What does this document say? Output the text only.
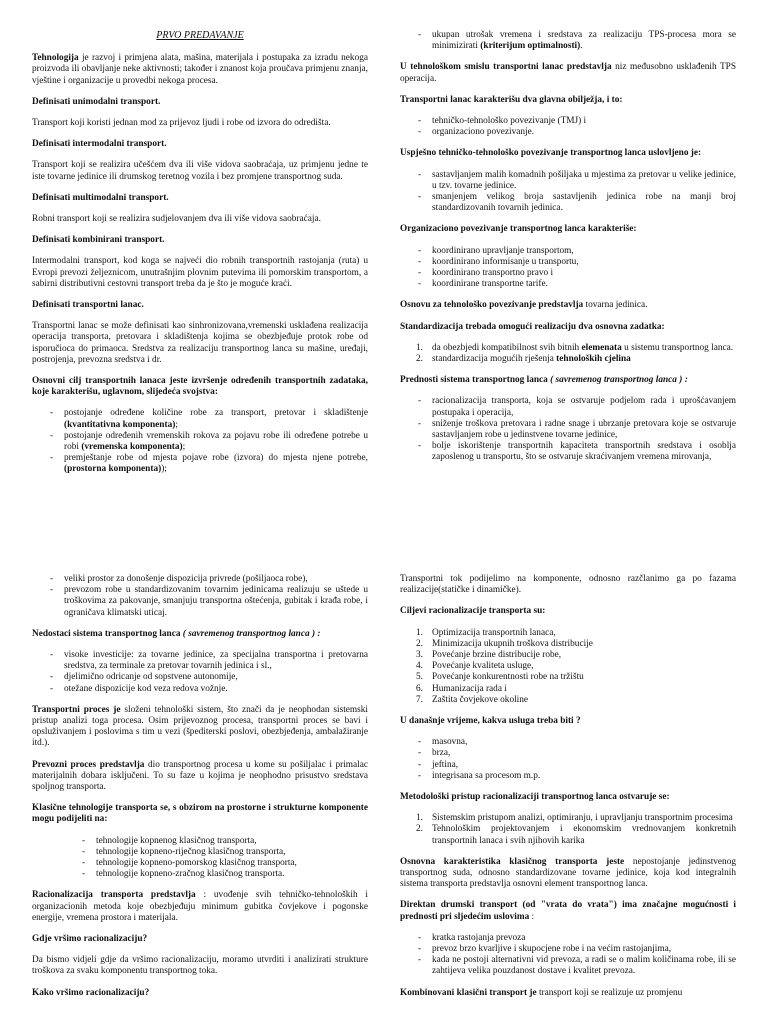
PRVO PREDAVANJE

Tehnologija je razvoj i primjena alata, mašina, materijala i postupaka za izradu nekoga proizvoda ili obavljanje neke aktivnosti; također i znanost koja proučava primjenu znanja, vještine i organizacije u provedbi nekoga procesa.

Definisati unimodalni transport.

Transport koji koristi jednan mod za prijevoz ljudi i robe od izvora do odredišta.

Definisati intermodalni transport.

Transport koji se realizira učešćem dva ili više vidova saobraćaja, uz primjenu jedne te iste tovarne jedinice ili drumskog teretnog vozila i bez promjene transportnog suda.

Definisati multimodalni transport.

Robni transport koji se realizira sudjelovanjem dva ili više vidova saobraćaja.

Definisati kombinirani transport.

Intermodalni transport, kod koga se najveći dio robnih transportnih rastojanja (ruta) u Evropi prevozi željeznicom, unutrašnjim plovnim putevima ili pomorskim transportom, a sabirni distributivni cestovni transport treba da je što je moguće kraći.

Definisati transportni lanac.

Transportni lanac se može definisati kao sinhronizovana,vremenski usklađena realizacija operacija transporta, pretovara i skladištenja kojima se obezbjeđuje protok robe od isporučioca do primaoca. Sredstva za realizaciju transportnog lanca su mašine, uređaji, postrojenja, prevozna sredstva i dr.

Osnovni cilj transportnih lanaca jeste izvršenje određenih transportnih zadataka, koje karakterišu, uglavnom, slijedeća svojstva:

- postojanje određene količine robe za transport, pretovar i skladištenje (kvantitativna komponenta);
- postojanje određenih vremenskih rokova za pojavu robe ili određene potrebe u robi (vremenska komponenta);
- premještanje robe od mjesta pojave robe (izvora) do mjesta njene potrebe, (prostorna komponenta));
- ukupan utrošak vremena i sredstava za realizaciju TPS-procesa mora se minimizirati (kriterijum optimalnosti).

U tehnološkom smislu transportni lanac predstavlja niz međusobno usklađenih TPS operacija.

Transportni lanac karakterišu dva glavna obilježja, i to:

- tehničko-tehnološko povezivanje (TMJ) i
- organizaciono povezivanje.

Uspješno tehničko-tehnološko povezivanje transportnog lanca uslovljeno je:

- sastavljanjem malih komadnih pošiljaka u mjestima za pretovar u velike jedinice, u tzv. tovarne jedinice.
- smanjenjem velikog broja sastavljenih jedinica robe na manji broj standardizovanih tovarnih jedinica.

Organizaciono povezivanje transportnog lanca karakteriše:

- koordinirano upravljanje transportom,
- koordinirano informisanje u transportu,
- koordinirano transportno pravo i
- koordinirane transportne tarife.

Osnovu za tehnološko povezivanje predstavlja tovarna jedinica.

Standardizacija trebada omogući realizaciju dva osnovna zadatka:

1. da obezbjedi kompatibilnost svih bitnih elemenata u sistemu transportnog lanca.
2. standardizacija mogućih rješenja tehnoloških cjelina

Prednosti sistema transportnog lanca ( savremenog transportnog lanca ) :

- racionalizacija transporta, koja se ostvaruje podjelom rada i uprošćavanjem postupaka i operacija,
- sniženje troškova pretovara i radne snage i ubrzanje pretovara koje se ostvaruje sastavljanjem robe u jedinstvene tovarne jedinice,
- bolje iskorištenje transportnih kapaciteta transportnih sredstava i osoblja zaposlenog u transportu, što se ostvaruje skraćivanjem vremena mirovanja,
- veliki prostor za donošenje dispozicija privrede (pošiljaoca robe),
- prevozom robe u standardizovanim tovarnim jedinicama realizuju se uštede u troškovima za pakovanje, smanjuju transportna oštećenja, gubitak i krađa robe, i ograničava klimatski uticaj.

Nedostaci sistema transportnog lanca ( savremenog transportnog lanca ) :

- visoke investicije: za tovarne jedinice, za specijalna transportna i pretovarna sredstva, za terminale za pretovar tovarnih jedinica i sl.,
- djelimično odricanje od sopstvene autonomije,
- otežane dispozicije kod veza redova vožnje.

Transportni proces je složeni tehnološki sistem, što znači da je neophodan sistemski pristup analizi toga procesa. Osim prijevoznog procesa, transportni proces se bavi i opsluživanjem i poslovima s tim u vezi (špediterski poslovi, obezbjeđenja, ambalažiranje itd.).

Prevozni proces predstavlja dio transportnog procesa u kome su pošiljalac i primalac materijalnih dobara isključeni. To su faze u kojima je neophodno prisustvo sredstava spoljnog transporta.

Klasične tehnologije transporta se, s obzirom na prostorne i strukturne komponente mogu podijeliti na:

- tehnologije kopnenog klasičnog transporta,
- tehnologije kopneno-riječnog klasičnog transporta,
- tehnologije kopneno-pomorskog klasičnog transporta,
- tehnologije kopneno-zračnog klasičnog transporta.

Racionalizacija transporta predstavlja : uvođenje svih tehničko-tehnoloških i organizacionih metoda koje obezbjeđuju minimum gubitka čovjekove i pogonske energije, vremena prostora i materijala.

Gdje vršimo racionalizaciju?

Da bismo vidjeli gdje da vršimo racionalizaciju, moramo utvrditi i analizirati strukture troškova za svaku komponentu transportnog toka.

Kako vršimo racionalizaciju?

Transportni tok podijelimo na komponente, odnosno razčlanimo ga po fazama realizacije(statičke i dinamičke).

Ciljevi racionalizacije transporta su:

1. Optimizacija transportnih lanaca,
2. Minimizacija ukupnih troškova distribucije
3. Povećanje brzine distribucije robe,
4. Povećanje kvaliteta usluge,
5. Povećanje konkurentnosti robe na tržištu
6. Humanizacija rada i
7. Zaštita čovjekove okoline

U današnje vrijeme, kakva usluga treba biti ?

- masovna,
- brza,
- jeftina,
- integrisana sa procesom m.p.

Metodološki pristup racionalizaciji transportnog lanca ostvaruje se:

1. Sistemskim pristupom analizi, optimiranju, i upravljanju transportnim procesima
2. Tehnološkim projektovanjem i ekonomskim vrednovanjem konkretnih transportnih lanaca i svih njihovih karika

Osnovna karakteristika klasičnog transporta jeste nepostojanje jedinstvenog transportnog suda, odnosno standardizovane tovarne jedinice, koja kod integralnih sistema transporta predstavlja osnovni element transportnog lanca.

Direktan drumski transport (od "vrata do vrata") ima značajne mogućnosti i prednosti pri sljedećim uslovima :

- kratka rastojanja prevoza
- prevoz brzo kvarljive i skupocjene robe i na većim rastojanjima,
- kada ne postoji alternativni vid prevoza, a radi se o malim količinama robe, ili se zahtijeva velika pouzdanost dostave i kvalitet prevoza.

Kombinovani klasični transport je transport koji se realizuje uz promjenu
